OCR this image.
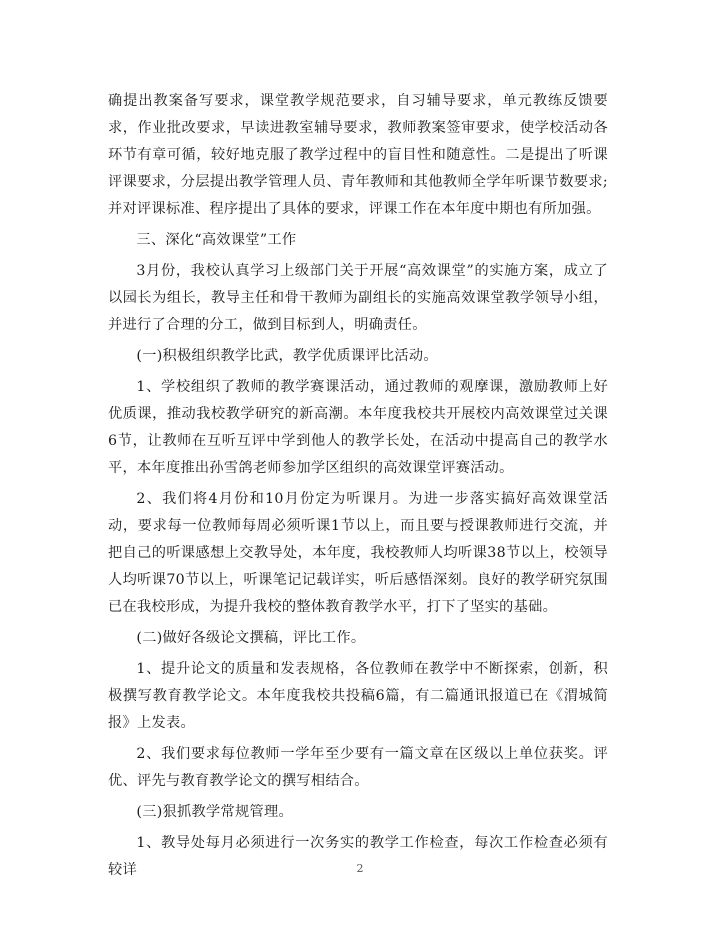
确提出教案备写要求，课堂教学规范要求，自习辅导要求，单元教练反馈要求，作业批改要求，早读进教室辅导要求，教师教案签审要求，使学校活动各环节有章可循，较好地克服了教学过程中的盲目性和随意性。二是提出了听课评课要求，分层提出教学管理人员、青年教师和其他教师全学年听课节数要求;并对评课标准、程序提出了具体的要求，评课工作在本年度中期也有所加强。

三、深化“高效课堂”工作

3月份，我校认真学习上级部门关于开展“高效课堂”的实施方案，成立了以园长为组长，教导主任和骨干教师为副组长的实施高效课堂教学领导小组，并进行了合理的分工，做到目标到人，明确责任。

(一)积极组织教学比武，教学优质课评比活动。

1、学校组织了教师的教学赛课活动，通过教师的观摩课，激励教师上好优质课，推动我校教学研究的新高潮。本年度我校共开展校内高效课堂过关课6节，让教师在互听互评中学到他人的教学长处，在活动中提高自己的教学水平，本年度推出孙雪鸽老师参加学区组织的高效课堂评赛活动。

2、我们将4月份和10月份定为听课月。为进一步落实搞好高效课堂活动，要求每一位教师每周必须听课1节以上，而且要与授课教师进行交流，并把自己的听课感想上交教导处，本年度，我校教师人均听课38节以上，校领导人均听课70节以上，听课笔记记载详实，听后感悟深刻。良好的教学研究氛围已在我校形成，为提升我校的整体教育教学水平，打下了坚实的基础。

(二)做好各级论文撰稿，评比工作。

1、提升论文的质量和发表规格，各位教师在教学中不断探索，创新，积极撰写教育教学论文。本年度我校共投稿6篇，有二篇通讯报道已在《渭城简报》上发表。

2、我们要求每位教师一学年至少要有一篇文章在区级以上单位获奖。评优、评先与教育教学论文的撰写相结合。

(三)狠抓教学常规管理。

1、教导处每月必须进行一次务实的教学工作检查，每次工作检查必须有较详	2
